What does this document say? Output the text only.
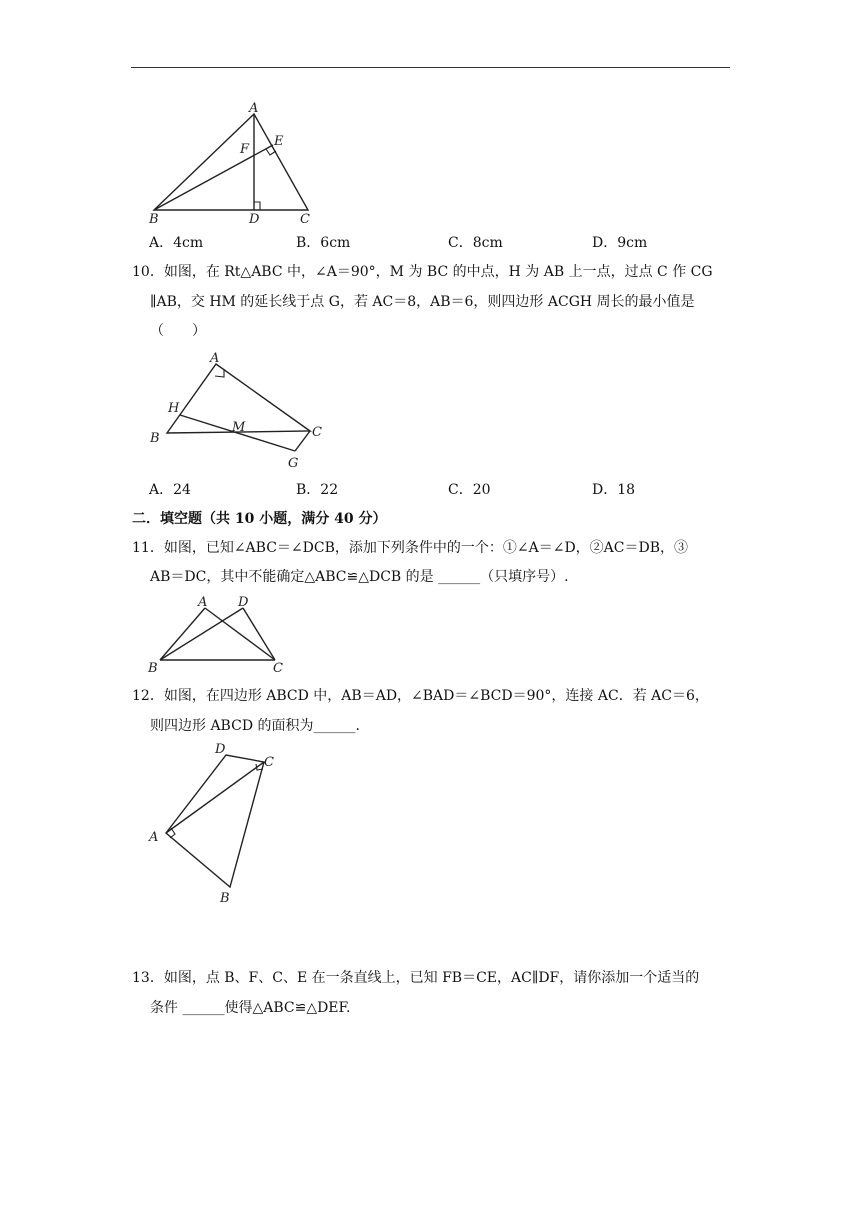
A
E
F
B	D	C
A．4cm	B．6cm	C．8cm	D．9cm
10．如图，在 Rt△ABC 中，∠A＝90°，M 为 BC 的中点，H 为 AB 上一点，过点 C 作 CG
∥AB，交 HM 的延长线于点 G，若 AC＝8，AB＝6，则四边形 ACGH 周长的最小值是
（　　）
A
H
M
B	C
G
A．24	B．22	C．20	D．18
二．填空题（共 10 小题，满分 40 分）
11．如图，已知∠ABC＝∠DCB，添加下列条件中的一个：①∠A＝∠D，②AC＝DB，③
AB＝DC，其中不能确定△ABC≌△DCB 的是 ______（只填序号）.
A D
B	C
12．如图，在四边形 ABCD 中，AB＝AD，∠BAD＝∠BCD＝90°，连接 AC．若 AC＝6，
则四边形 ABCD 的面积为______.
D
C
A
B
13．如图，点 B、F、C、E 在一条直线上，已知 FB＝CE，AC∥DF，请你添加一个适当的
条件 ______使得△ABC≌△DEF.
